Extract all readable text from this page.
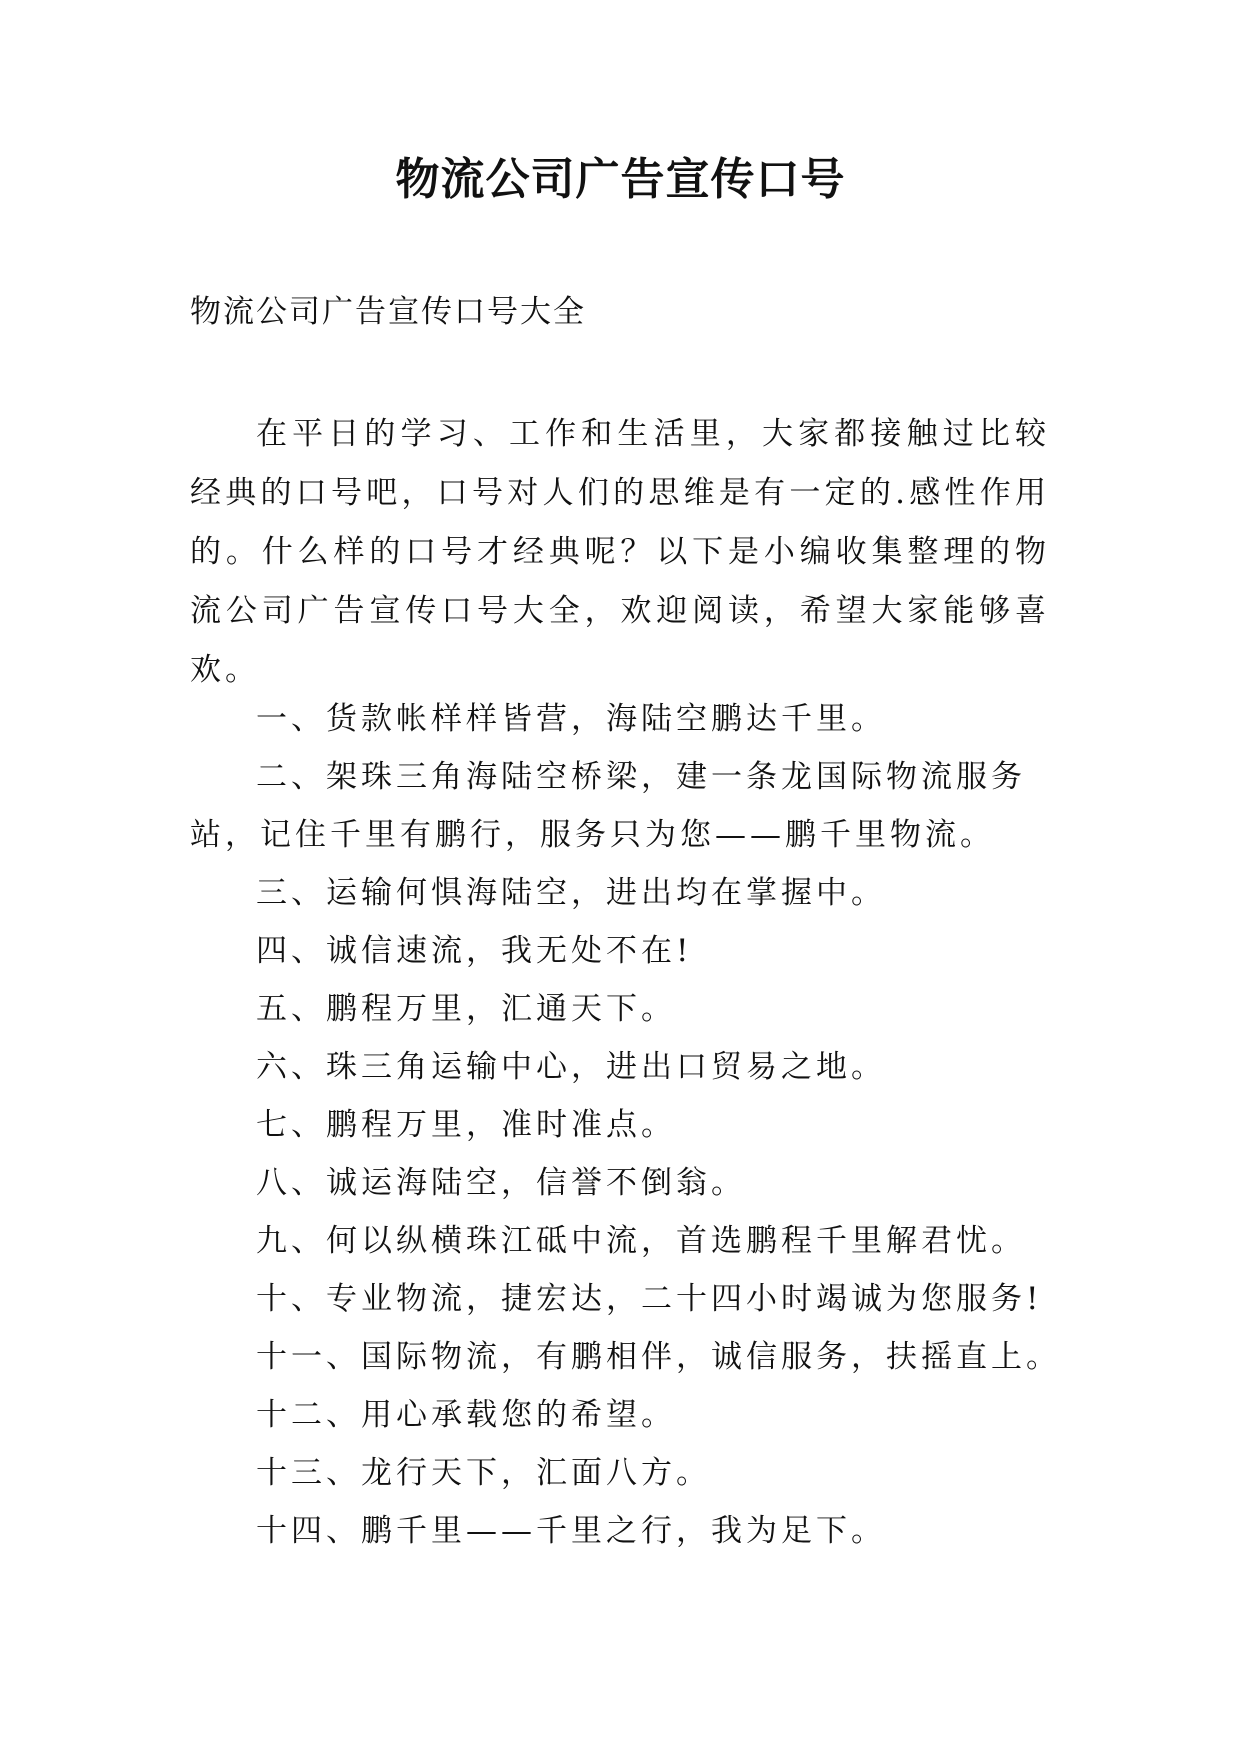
物流公司广告宣传口号
物流公司广告宣传口号大全

在平日的学习、工作和生活里，大家都接触过比较经典的口号吧，口号对人们的思维是有一定的.感性作用的。什么样的口号才经典呢？以下是小编收集整理的物流公司广告宣传口号大全，欢迎阅读，希望大家能够喜欢。

一、货款帐样样皆营，海陆空鹏达千里。
二、架珠三角海陆空桥梁，建一条龙国际物流服务站，记住千里有鹏行，服务只为您——鹏千里物流。
三、运输何惧海陆空，进出均在掌握中。
四、诚信速流，我无处不在!
五、鹏程万里，汇通天下。
六、珠三角运输中心，进出口贸易之地。
七、鹏程万里，准时准点。
八、诚运海陆空，信誉不倒翁。
九、何以纵横珠江砥中流，首选鹏程千里解君忧。
十、专业物流，捷宏达，二十四小时竭诚为您服务!
十一、国际物流，有鹏相伴，诚信服务，扶摇直上。
十二、用心承载您的希望。
十三、龙行天下，汇面八方。
十四、鹏千里——千里之行，我为足下。
